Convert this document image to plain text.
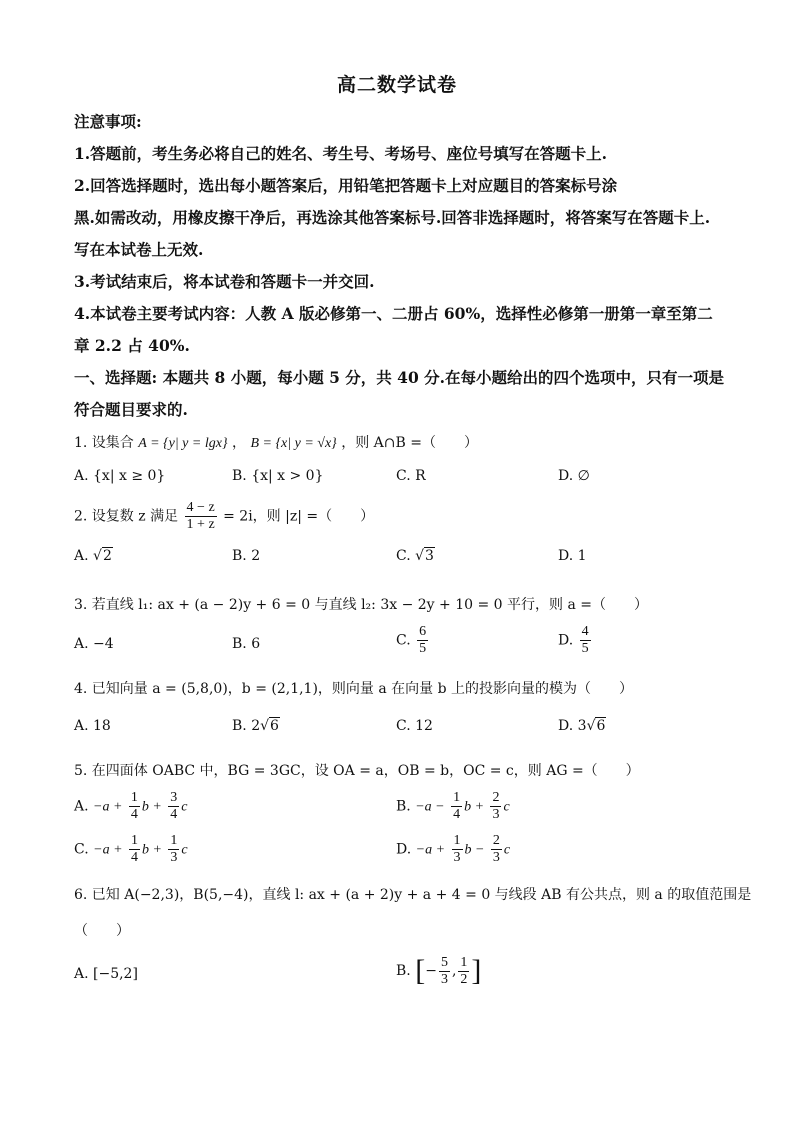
高二数学试卷
注意事项:
1.答题前，考生务必将自己的姓名、考生号、考场号、座位号填写在答题卡上.
2.回答选择题时，选出每小题答案后，用铅笔把答题卡上对应题目的答案标号涂
黑.如需改动，用橡皮擦干净后，再选涂其他答案标号.回答非选择题时，将答案写在答题卡上.
写在本试卷上无效.
3.考试结束后，将本试卷和答题卡一并交回.
4.本试卷主要考试内容：人教 A 版必修第一、二册占 60%，选择性必修第一册第一章至第二
章 2.2 占 40%.
一、选择题: 本题共 8 小题，每小题 5 分，共 40 分.在每小题给出的四个选项中，只有一项是
符合题目要求的.
1. 设集合 A = {y| y = lgx} ， B = {x| y = √x} ，则 A∩B =（　　）
A. {x| x ≥ 0}	B. {x| x > 0}	C. R	D. ∅
2. 设复数 z 满足 $\frac{4 - z}{1 + z} = 2i$，则 |z| =（　　）
A. √2	B. 2	C. √3	D. 1
3. 若直线 l₁: ax + (a − 2)y + 6 = 0 与直线 l₂: 3x − 2y + 10 = 0 平行，则 a =（　　）
A. −4	B. 6	C. $\frac{6}{5}$	D. $\frac{4}{5}$
4. 已知向量 a = (5,8,0)，b = (2,1,1)，则向量 a 在向量 b 上的投影向量的模为（　　）
A. 18	B. 2√6	C. 12	D. 3√6
5. 在四面体 OABC 中，BG = 3GC，设 OA = a，OB = b，OC = c，则 AG =（　　）
A. $-a + \frac{1}{4}$ $b + \frac{3}{4}$ c	B. $-a - \frac{1}{4}$ $b + \frac{2}{3}$ c
C. $-a + \frac{1}{4}$ $b + \frac{1}{3}$ c	D. $-a + \frac{1}{3}$ $b - \frac{2}{3}$ c
6. 已知 A(−2,3)，B(5,−4)，直线 l: ax + (a + 2)y + a + 4 = 0 与线段 AB 有公共点，则 a 的取值范围是
（　　）
A. [−5,2]	B. [− $\frac{5}{3}$ , $\frac{1}{2}$ ]
